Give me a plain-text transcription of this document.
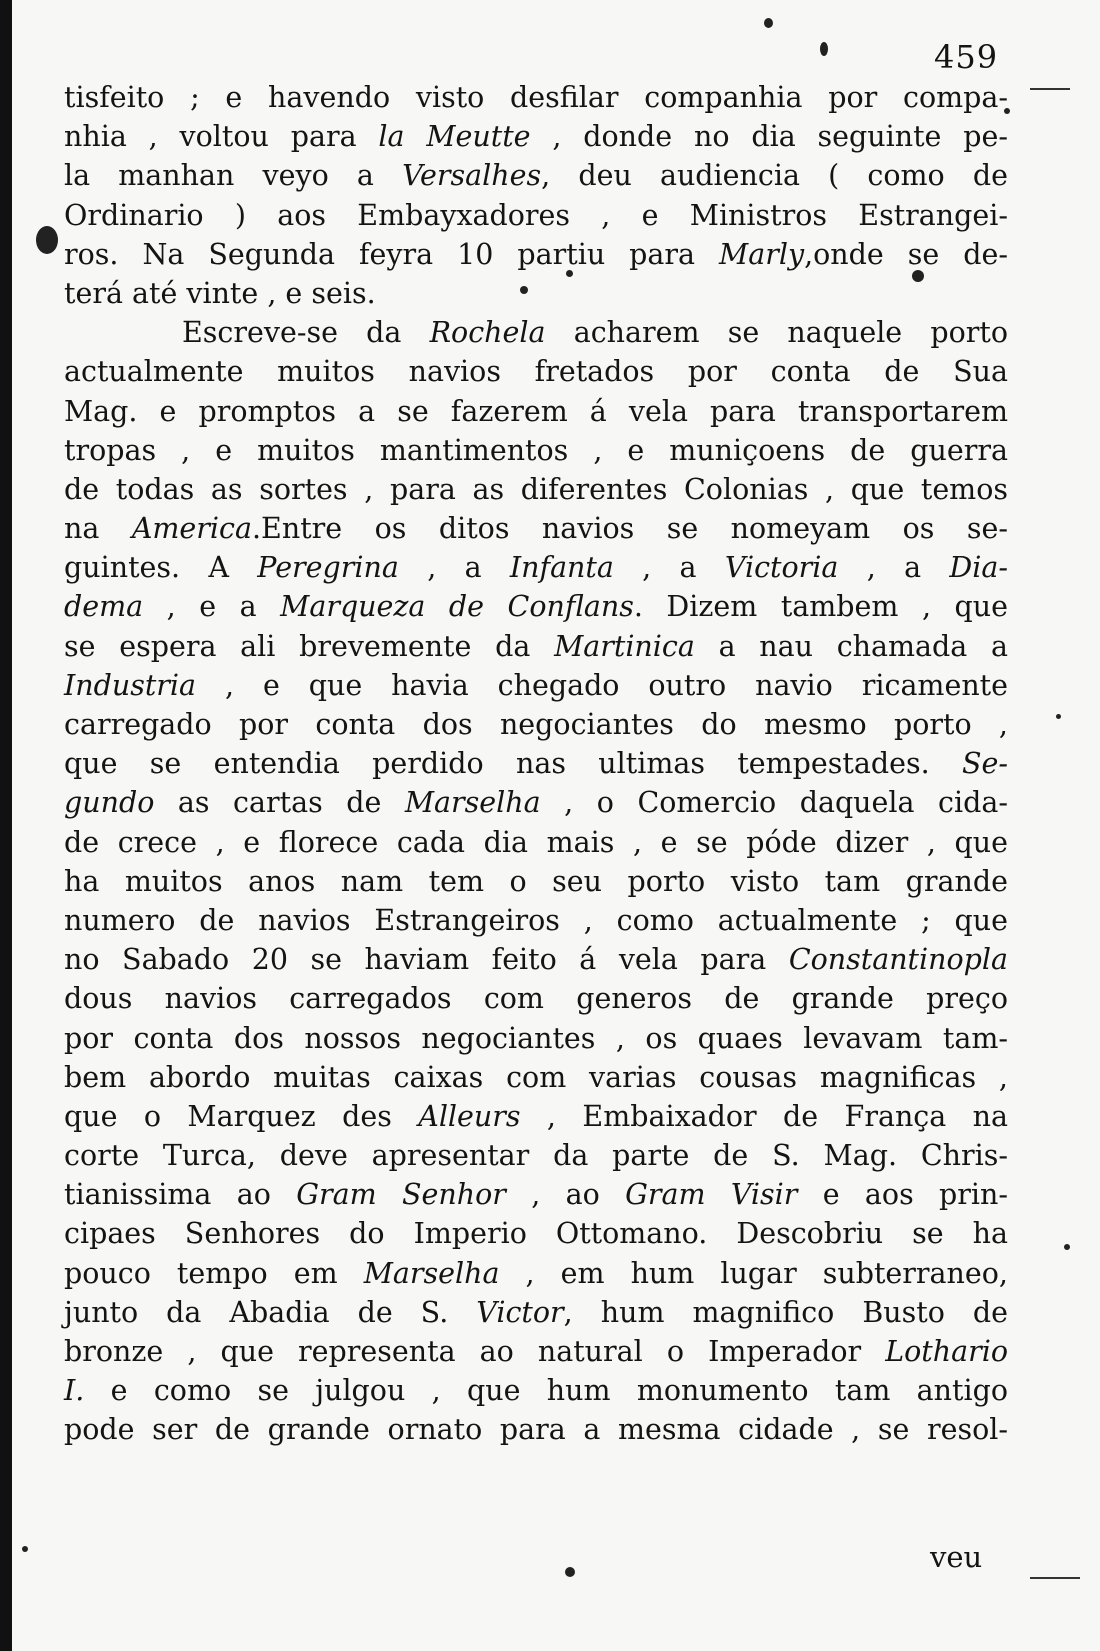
459
tisfeito ; e havendo visto desfilar companhia por compa-
nhia , voltou para la Meutte , donde no dia seguinte pe-
la manhan veyo a Versalhes, deu audiencia ( como de
Ordinario ) aos Embayxadores , e Ministros Estrangei-
ros. Na Segunda feyra 10 partiu para Marly,onde se de-
terá até vinte , e seis.
Escreve-se da Rochela acharem se naquele porto
actualmente muitos navios fretados por conta de Sua
Mag. e promptos a se fazerem á vela para transportarem
tropas , e muitos mantimentos , e muniçoens de guerra
de todas as sortes , para as diferentes Colonias , que temos
na America.Entre os ditos navios se nomeyam os se-
guintes. A Peregrina , a Infanta , a Victoria , a Dia-
dema , e a Marqueza de Conflans. Dizem tambem , que
se espera ali brevemente da Martinica a nau chamada a
Industria , e que havia chegado outro navio ricamente
carregado por conta dos negociantes do mesmo porto ,
que se entendia perdido nas ultimas tempestades. Se-
gundo as cartas de Marselha , o Comercio daquela cida-
de crece , e florece cada dia mais , e se póde dizer , que
ha muitos anos nam tem o seu porto visto tam grande
numero de navios Estrangeiros , como actualmente ; que
no Sabado 20 se haviam feito á vela para Constantinopla
dous navios carregados com generos de grande preço
por conta dos nossos negociantes , os quaes levavam tam-
bem abordo muitas caixas com varias cousas magnificas ,
que o Marquez des Alleurs , Embaixador de França na
corte Turca, deve apresentar da parte de S. Mag. Chris-
tianissima ao Gram Senhor , ao Gram Visir e aos prin-
cipaes Senhores do Imperio Ottomano. Descobriu se ha
pouco tempo em Marselha , em hum lugar subterraneo,
junto da Abadia de S. Victor, hum magnifico Busto de
bronze , que representa ao natural o Imperador Lothario
I. e como se julgou , que hum monumento tam antigo
pode ser de grande ornato para a mesma cidade , se resol-
veu
